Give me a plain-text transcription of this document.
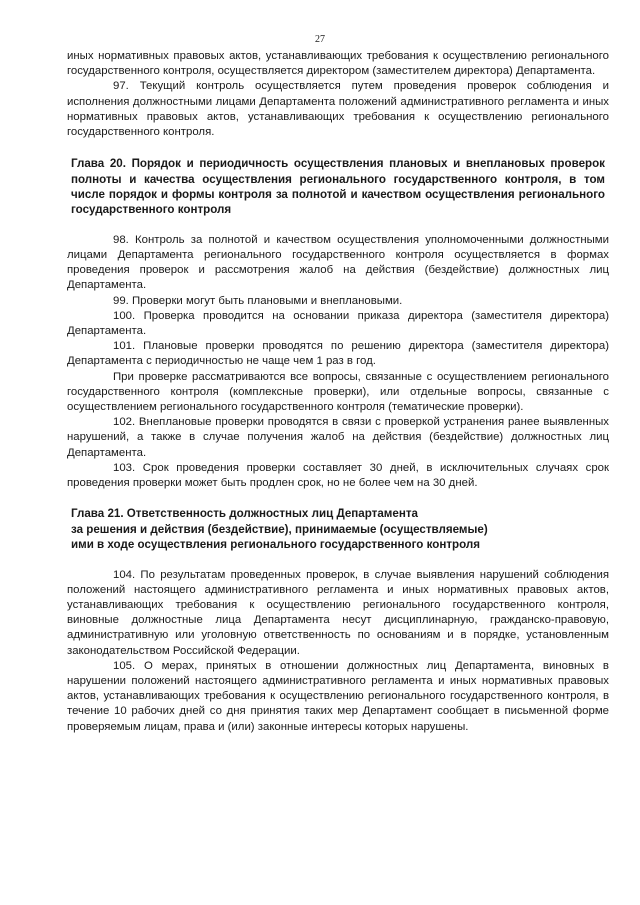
27

иных нормативных правовых актов, устанавливающих требования к осуществлению регионального государственного контроля, осуществляется директором (заместителем директора) Департамента.

97. Текущий контроль осуществляется путем проведения проверок соблюдения и исполнения должностными лицами Департамента положений административного регламента и иных нормативных правовых актов, устанавливающих требования к осуществлению регионального государственного контроля.

Глава 20. Порядок и периодичность осуществления плановых и внеплановых проверок полноты и качества осуществления регионального государственного контроля, в том числе порядок и формы контроля за полнотой и качеством осуществления регионального государственного контроля

98. Контроль за полнотой и качеством осуществления уполномоченными должностными лицами Департамента регионального государственного контроля осуществляется в формах проведения проверок и рассмотрения жалоб на действия (бездействие) должностных лиц Департамента.

99. Проверки могут быть плановыми и внеплановыми.

100. Проверка проводится на основании приказа директора (заместителя директора) Департамента.

101. Плановые проверки проводятся по решению директора (заместителя директора) Департамента с периодичностью не чаще чем 1 раз в год.

При проверке рассматриваются все вопросы, связанные с осуществлением регионального государственного контроля (комплексные проверки), или отдельные вопросы, связанные с осуществлением регионального государственного контроля (тематические проверки).

102. Внеплановые проверки проводятся в связи с проверкой устранения ранее выявленных нарушений, а также в случае получения жалоб на действия (бездействие) должностных лиц Департамента.

103. Срок проведения проверки составляет 30 дней, в исключительных случаях срок проведения проверки может быть продлен срок, но не более чем на 30 дней.

Глава 21. Ответственность должностных лиц Департамента

за решения и действия (бездействие), принимаемые (осуществляемые)

ими в ходе осуществления регионального государственного контроля

104. По результатам проведенных проверок, в случае выявления нарушений соблюдения положений настоящего административного регламента и иных нормативных правовых актов, устанавливающих требования к осуществлению регионального государственного контроля, виновные должностные лица Департамента несут дисциплинарную, гражданско-правовую, административную или уголовную ответственность по основаниям и в порядке, установленным законодательством Российской Федерации.

105. О мерах, принятых в отношении должностных лиц Департамента, виновных в нарушении положений настоящего административного регламента и иных нормативных правовых актов, устанавливающих требования к осуществлению регионального государственного контроля, в течение 10 рабочих дней со дня принятия таких мер Департамент сообщает в письменной форме проверяемым лицам, права и (или) законные интересы которых нарушены.
